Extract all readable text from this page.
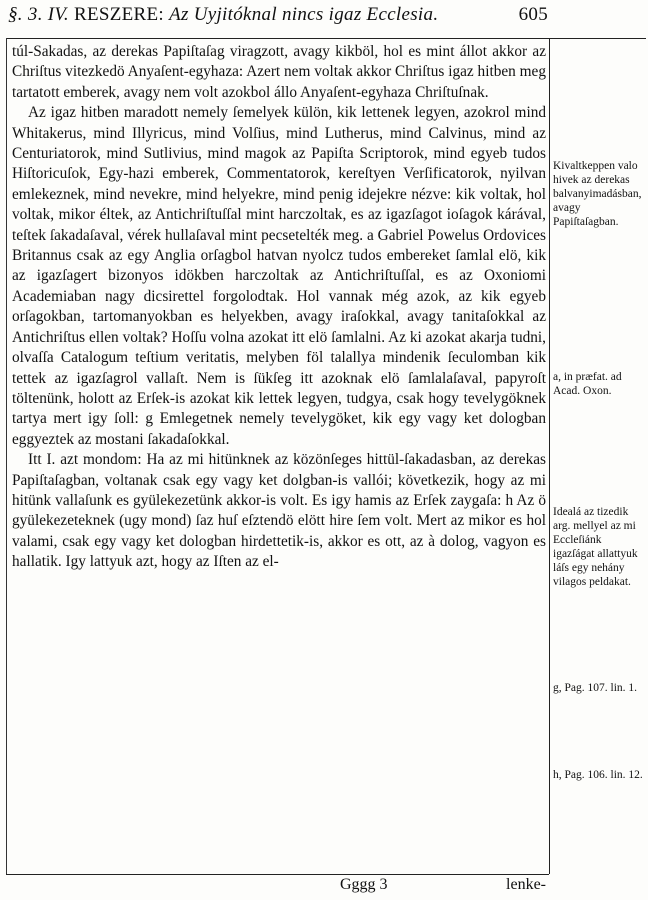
§. 3. IV. RESZERE: Az Uyjitóknal nincs igaz Ecclesia.	605

túl-Sakadas, az derekas Papiſtaſag viragzott, avagy kikböl, hol es mint állot akkor az Chriſtus vitezkedö Anyaſent-egyhaza: Azert nem voltak akkor Chriſtus igaz hitben meg tartatott emberek, avagy nem volt azokbol állo Anyaſent-egyhaza Chriſtuſnak.

Az igaz hitben maradott nemely ſemelyek külön, kik lettenek legyen, azokrol mind Whitakerus, mind Illyricus, mind Volſius, mind Lutherus, mind Calvinus, mind az Centuriatorok, mind Sutlivius, mind magok az Papiſta Scriptorok, mind egyeb tudos Hiſtoricuſok, Egy-hazi emberek, Commentatorok, kereſtyen Verſificatorok, nyilvan emlekeznek, mind nevekre, mind helyekre, mind penig idejekre nézve: kik voltak, hol voltak, mikor éltek, az Antichriſtuſſal mint harczoltak, es az igazſagot ioſagok kárával, teſtek ſakadaſaval, vérek hullaſaval mint pecsetelték meg. a Gabriel Powelus Ordovices Britannus csak az egy Anglia orſagbol hatvan nyolcz tudos embereket ſamlal elö, kik az igazſagert bizonyos idökben harczoltak az Antichriſtuſſal, es az Oxoniomi Academiaban nagy dicsirettel forgolodtak. Hol vannak még azok, az kik egyeb orſagokban, tartomanyokban es helyekben, avagy iraſokkal, avagy tanitaſokkal az Antichriſtus ellen voltak? Hoſſu volna azokat itt elö ſamlalni. Az ki azokat akarja tudni, olvaſſa Catalogum teſtium veritatis, melyben föl talallya mindenik ſeculomban kik tettek az igazſagrol vallaſt. Nem is ſükſeg itt azoknak elö ſamlalaſaval, papyroſt töltenünk, holott az Erſek-is azokat kik lettek legyen, tudgya, csak hogy tevelygöknek tartya mert igy ſoll: g Emlegetnek nemely tevelygöket, kik egy vagy ket dologban eggyeztek az mostani ſakadaſokkal.

Itt I. azt mondom: Ha az mi hitünknek az közönſeges hittül-ſakadasban, az derekas Papiſtaſagban, voltanak csak egy vagy ket dolgban-is vallói; következik, hogy az mi hitünk vallaſunk es gyülekezetünk akkor-is volt. Es igy hamis az Erſek zaygaſa: h Az ö gyülekezeteknek (ugy mond) ſaz huſ eſztendö elött hire ſem volt. Mert az mikor es hol valami, csak egy vagy ket dologban hirdettetik-is, akkor es ott, az à dolog, vagyon es hallatik. Igy lattyuk azt, hogy az Iſten az el-

Kivaltkeppen valo hivek az derekas balvanyimadásban, avagy Papiſtaſagban.
a, in præfat. ad Acad. Oxon.
Idealá az tizedik arg. mellyel az mi Eccleſiánk igazſágat allattyuk láſs egy nehány vilagos peldakat.
g, Pag. 107. lin. 1.
h, Pag. 106. lin. 12.
Gggg 3	lenke-
